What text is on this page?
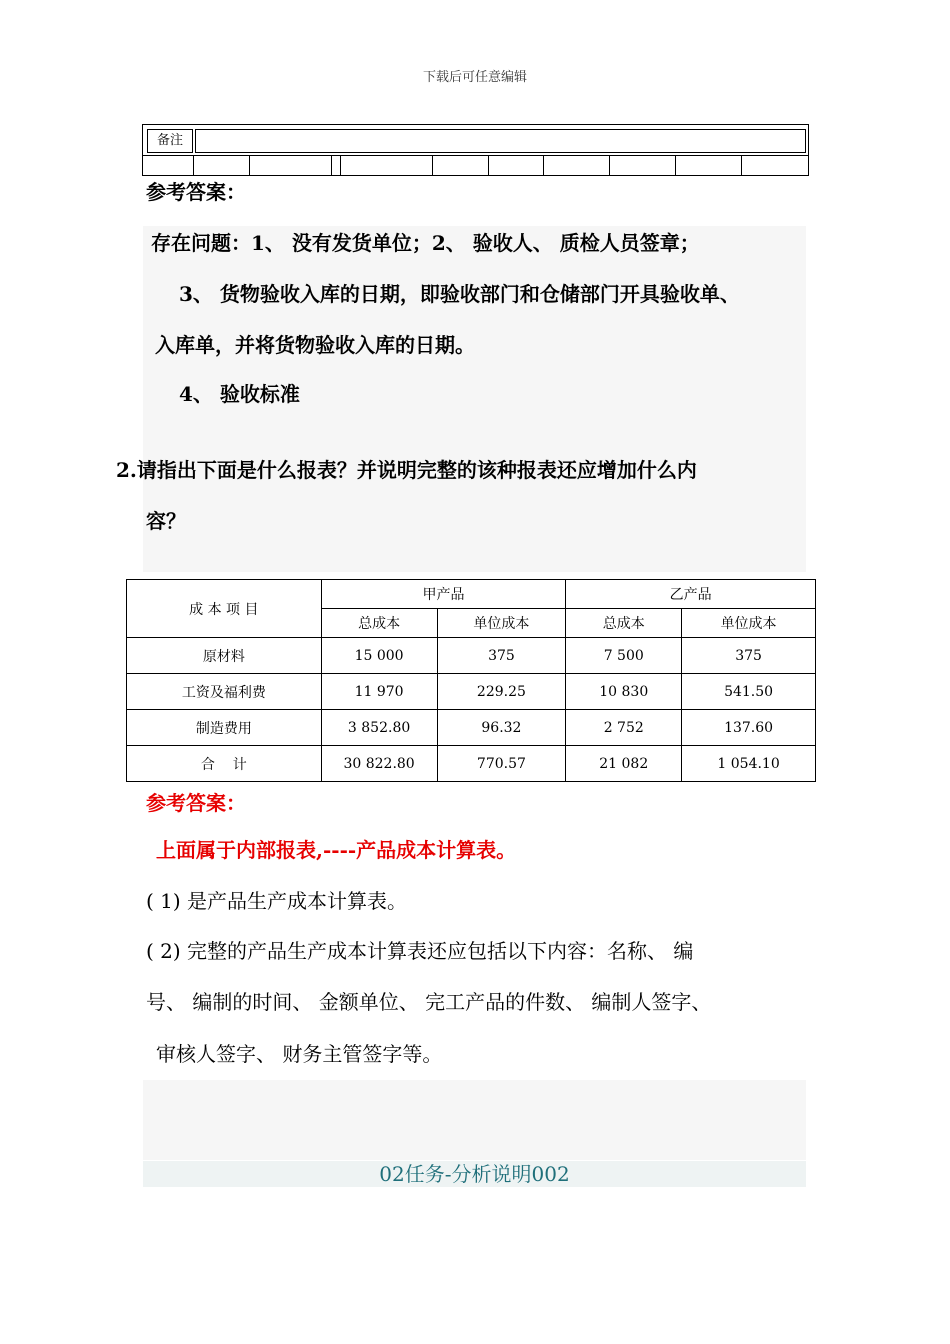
下载后可任意编辑
备注
参考答案：
存在问题：1、 没有发货单位；2、 验收人、 质检人员签章；
3、 货物验收入库的日期，即验收部门和仓储部门开具验收单、
入库单，并将货物验收入库的日期。
4、 验收标准
2.请指出下面是什么报表？并说明完整的该种报表还应增加什么内
容？
成 本 项 目	甲产品		乙产品	
	总成本	单位成本	总成本	单位成本
原材料	15 000	375	7 500	375
工资及福利费	11 970	229.25	10 830	541.50
制造费用	3 852.80	96.32	2 752	137.60
合    计	30 822.80	770.57	21 082	1 054.10
参考答案：
上面属于内部报表,----产品成本计算表。
( 1) 是产品生产成本计算表。
( 2) 完整的产品生产成本计算表还应包括以下内容：名称、 编
号、 编制的时间、 金额单位、 完工产品的件数、 编制人签字、
审核人签字、 财务主管签字等。
02任务-分析说明002
